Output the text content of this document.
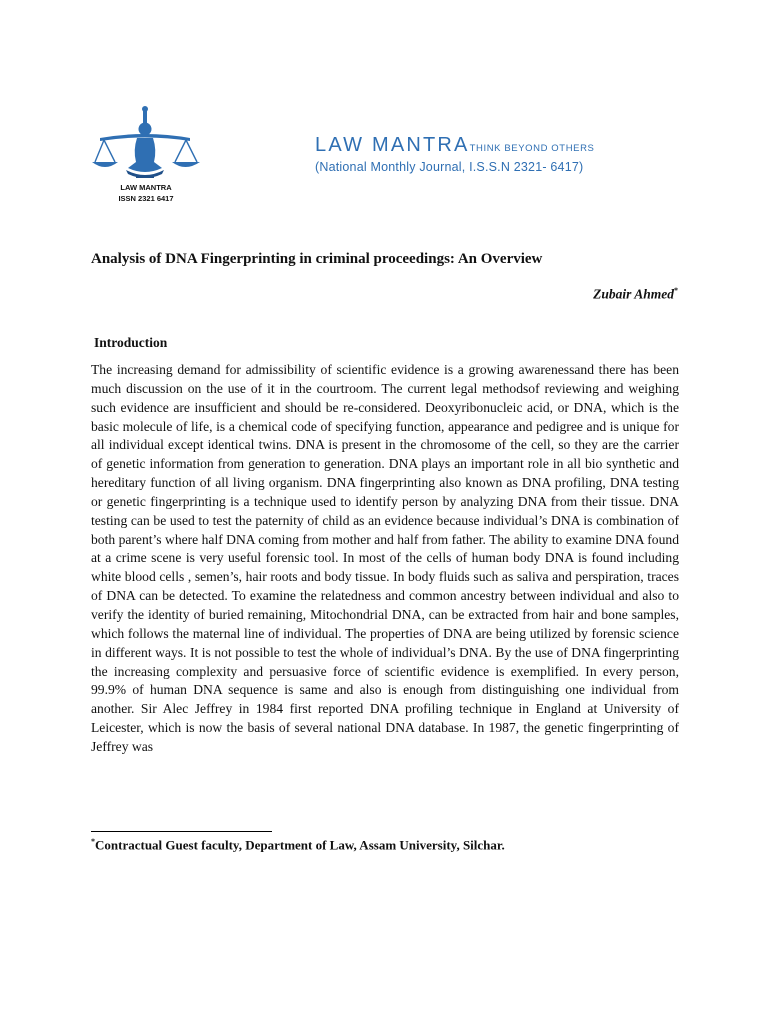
LAW MANTRA
ISSN 2321 6417
LAW MANTRATHINK BEYOND OTHERS
(National Monthly Journal, I.S.S.N 2321- 6417)
Analysis of DNA Fingerprinting in criminal proceedings: An Overview
Zubair Ahmed*
Introduction

The increasing demand for admissibility of scientific evidence is a growing awarenessand there has been much discussion on the use of it in the courtroom. The current legal methodsof reviewing and weighing such evidence are insufficient and should be re-considered. Deoxyribonucleic acid, or DNA, which is the basic molecule of life, is a chemical code of specifying function, appearance and pedigree and is unique for all individual except identical twins. DNA is present in the chromosome of the cell, so they are the carrier of genetic information from generation to generation. DNA plays an important role in all bio synthetic and hereditary function of all living organism. DNA fingerprinting also known as DNA profiling, DNA testing or genetic fingerprinting is a technique used to identify person by analyzing DNA from their tissue. DNA testing can be used to test the paternity of child as an evidence because individual’s DNA is combination of both parent’s where half DNA coming from mother and half from father. The ability to examine DNA found at a crime scene is very useful forensic tool. In most of the cells of human body DNA is found including white blood cells , semen’s, hair roots and body tissue. In body fluids such as saliva and perspiration, traces of DNA can be detected. To examine the relatedness and common ancestry between individual and also to verify the identity of buried remaining, Mitochondrial DNA, can be extracted from hair and bone samples, which follows the maternal line of individual. The properties of DNA are being utilized by forensic science in different ways. It is not possible to test the whole of individual’s DNA. By the use of DNA fingerprinting the increasing complexity and persuasive force of scientific evidence is exemplified. In every person, 99.9% of human DNA sequence is same and also is enough from distinguishing one individual from another. Sir Alec Jeffrey in 1984 first reported DNA profiling technique in England at University of Leicester, which is now the basis of several national DNA database. In 1987, the genetic fingerprinting of Jeffrey was

*Contractual Guest faculty, Department of Law, Assam University, Silchar.
